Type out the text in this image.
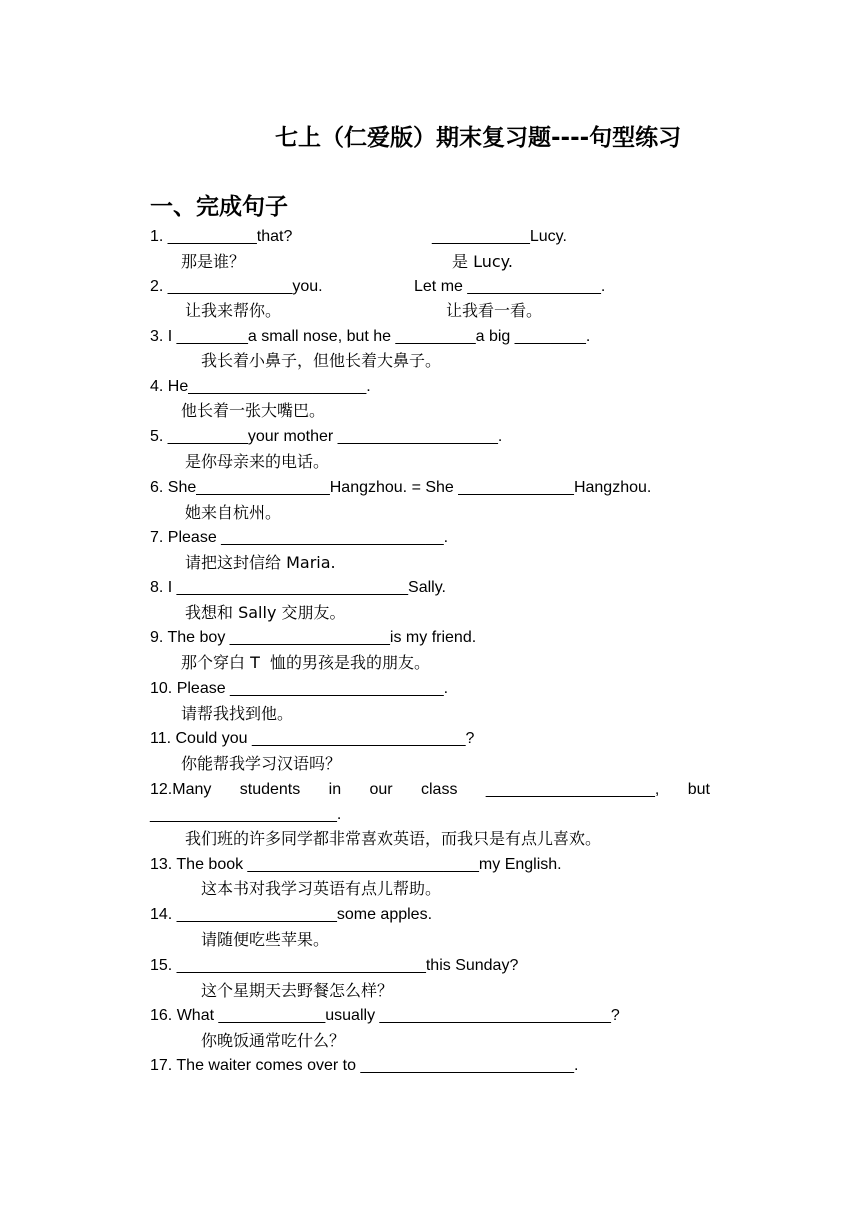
七上（仁爱版）期末复习题----句型练习
一、完成句子
1. __________that?	___________Lucy.
那是谁？	是 Lucy.
2. ______________you.	Let me _______________.
让我来帮你。	让我看一看。
3. I ________a small nose, but he _________a big ________.
我长着小鼻子，但他长着大鼻子。
4. He____________________.
他长着一张大嘴巴。
5. _________your mother __________________.
是你母亲来的电话。
6. She_______________Hangzhou. = She _____________Hangzhou.
她来自杭州。
7. Please _________________________.
请把这封信给 Maria.
8. I __________________________Sally.
我想和 Sally 交朋友。
9. The boy __________________is my friend.
那个穿白 T  恤的男孩是我的朋友。
10. Please ________________________.
请帮我找到他。
11. Could you ________________________?
你能帮我学习汉语吗？
12.Many students in our class ___________________, but
_____________________.
我们班的许多同学都非常喜欢英语，而我只是有点儿喜欢。
13. The book __________________________my English.
这本书对我学习英语有点儿帮助。
14. __________________some apples.
请随便吃些苹果。
15. ____________________________this Sunday?
这个星期天去野餐怎么样？
16. What ____________usually __________________________?
你晚饭通常吃什么？
17. The waiter comes over to ________________________.
